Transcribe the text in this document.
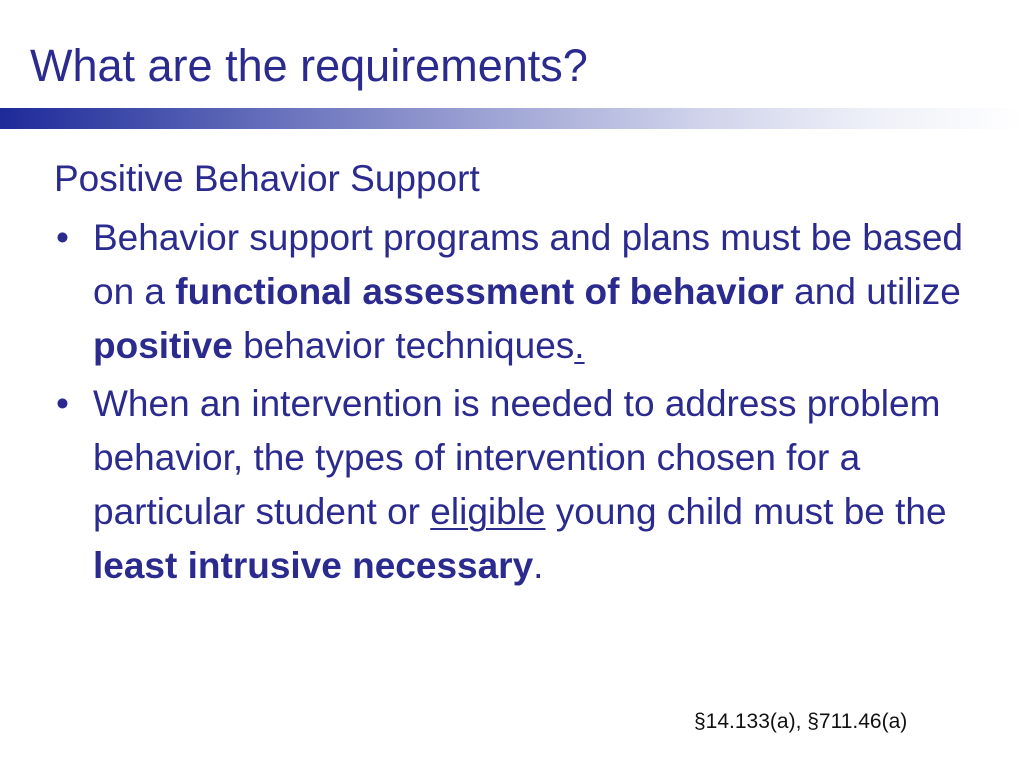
What are the requirements?
Positive Behavior Support
• Behavior support programs and plans must be based on a functional assessment of behavior and utilize positive behavior techniques.
• When an intervention is needed to address problem behavior, the types of intervention chosen for a particular student or eligible young child must be the least intrusive necessary.
§14.133(a), §711.46(a)
